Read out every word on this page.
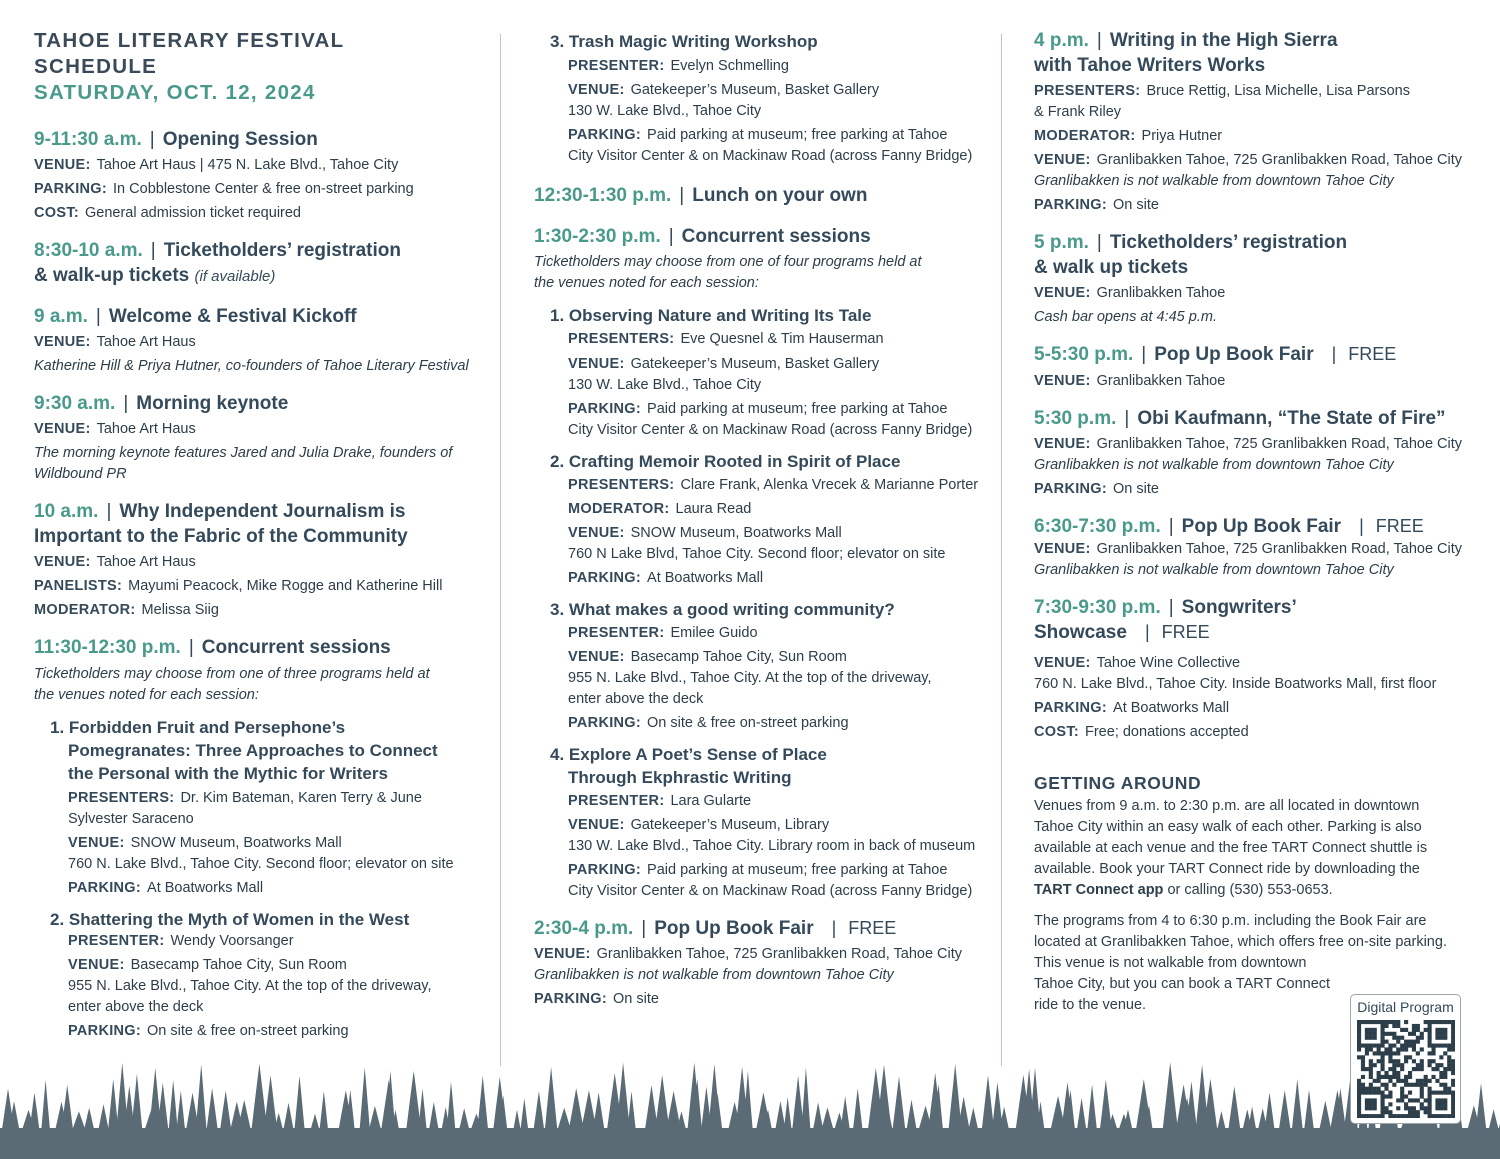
TAHOE LITERARY FESTIVAL SCHEDULE
SATURDAY, OCT. 12, 2024
9-11:30 a.m. | Opening Session
VENUE: Tahoe Art Haus | 475 N. Lake Blvd., Tahoe City
PARKING: In Cobblestone Center & free on-street parking
COST: General admission ticket required
8:30-10 a.m. | Ticketholders’ registration
& walk-up tickets (if available)
9 a.m. | Welcome & Festival Kickoff
VENUE: Tahoe Art Haus
Katherine Hill & Priya Hutner, co-founders of Tahoe Literary Festival
9:30 a.m. | Morning keynote
VENUE: Tahoe Art Haus
The morning keynote features Jared and Julia Drake, founders of
Wildbound PR
10 a.m. | Why Independent Journalism is
Important to the Fabric of the Community
VENUE: Tahoe Art Haus
PANELISTS: Mayumi Peacock, Mike Rogge and Katherine Hill
MODERATOR: Melissa Siig
11:30-12:30 p.m. | Concurrent sessions
Ticketholders may choose from one of three programs held at
the venues noted for each session:
1. Forbidden Fruit and Persephone’s
Pomegranates: Three Approaches to Connect
the Personal with the Mythic for Writers
PRESENTERS: Dr. Kim Bateman, Karen Terry & June
Sylvester Saraceno
VENUE: SNOW Museum, Boatworks Mall
760 N. Lake Blvd., Tahoe City. Second floor; elevator on site
PARKING: At Boatworks Mall
2. Shattering the Myth of Women in the West
PRESENTER: Wendy Voorsanger
VENUE: Basecamp Tahoe City, Sun Room
955 N. Lake Blvd., Tahoe City. At the top of the driveway,
enter above the deck
PARKING: On site & free on-street parking
3. Trash Magic Writing Workshop
PRESENTER: Evelyn Schmelling
VENUE: Gatekeeper’s Museum, Basket Gallery
130 W. Lake Blvd., Tahoe City
PARKING: Paid parking at museum; free parking at Tahoe
City Visitor Center & on Mackinaw Road (across Fanny Bridge)
12:30-1:30 p.m. | Lunch on your own
1:30-2:30 p.m. | Concurrent sessions
Ticketholders may choose from one of four programs held at
the venues noted for each session:
1. Observing Nature and Writing Its Tale
PRESENTERS: Eve Quesnel & Tim Hauserman
VENUE: Gatekeeper’s Museum, Basket Gallery
130 W. Lake Blvd., Tahoe City
PARKING: Paid parking at museum; free parking at Tahoe
City Visitor Center & on Mackinaw Road (across Fanny Bridge)
2. Crafting Memoir Rooted in Spirit of Place
PRESENTERS: Clare Frank, Alenka Vrecek & Marianne Porter
MODERATOR: Laura Read
VENUE: SNOW Museum, Boatworks Mall
760 N Lake Blvd, Tahoe City. Second floor; elevator on site
PARKING: At Boatworks Mall
3. What makes a good writing community?
PRESENTER: Emilee Guido
VENUE: Basecamp Tahoe City, Sun Room
955 N. Lake Blvd., Tahoe City. At the top of the driveway,
enter above the deck
PARKING: On site & free on-street parking
4. Explore A Poet’s Sense of Place
Through Ekphrastic Writing
PRESENTER: Lara Gularte
VENUE: Gatekeeper’s Museum, Library
130 W. Lake Blvd., Tahoe City. Library room in back of museum
PARKING: Paid parking at museum; free parking at Tahoe
City Visitor Center & on Mackinaw Road (across Fanny Bridge)
2:30-4 p.m. | Pop Up Book Fair | FREE
VENUE: Granlibakken Tahoe, 725 Granlibakken Road, Tahoe City
Granlibakken is not walkable from downtown Tahoe City
PARKING: On site
4 p.m. | Writing in the High Sierra
with Tahoe Writers Works
PRESENTERS: Bruce Rettig, Lisa Michelle, Lisa Parsons
& Frank Riley
MODERATOR: Priya Hutner
VENUE: Granlibakken Tahoe, 725 Granlibakken Road, Tahoe City
Granlibakken is not walkable from downtown Tahoe City
PARKING: On site
5 p.m. | Ticketholders’ registration
& walk up tickets
VENUE: Granlibakken Tahoe
Cash bar opens at 4:45 p.m.
5-5:30 p.m. | Pop Up Book Fair | FREE
VENUE: Granlibakken Tahoe
5:30 p.m. | Obi Kaufmann, “The State of Fire”
VENUE: Granlibakken Tahoe, 725 Granlibakken Road, Tahoe City
Granlibakken is not walkable from downtown Tahoe City
PARKING: On site
6:30-7:30 p.m. | Pop Up Book Fair | FREE
VENUE: Granlibakken Tahoe, 725 Granlibakken Road, Tahoe City
Granlibakken is not walkable from downtown Tahoe City
7:30-9:30 p.m. | Songwriters’ Showcase | FREE
VENUE: Tahoe Wine Collective
760 N. Lake Blvd., Tahoe City. Inside Boatworks Mall, first floor
PARKING: At Boatworks Mall
COST: Free; donations accepted
GETTING AROUND
Venues from 9 a.m. to 2:30 p.m. are all located in downtown
Tahoe City within an easy walk of each other. Parking is also
available at each venue and the free TART Connect shuttle is
available. Book your TART Connect ride by downloading the
TART Connect app or calling (530) 553-0653.
The programs from 4 to 6:30 p.m. including the Book Fair are
located at Granlibakken Tahoe, which offers free on-site parking.
This venue is not walkable from downtown
Tahoe City, but you can book a TART Connect
ride to the venue.	Digital Program
